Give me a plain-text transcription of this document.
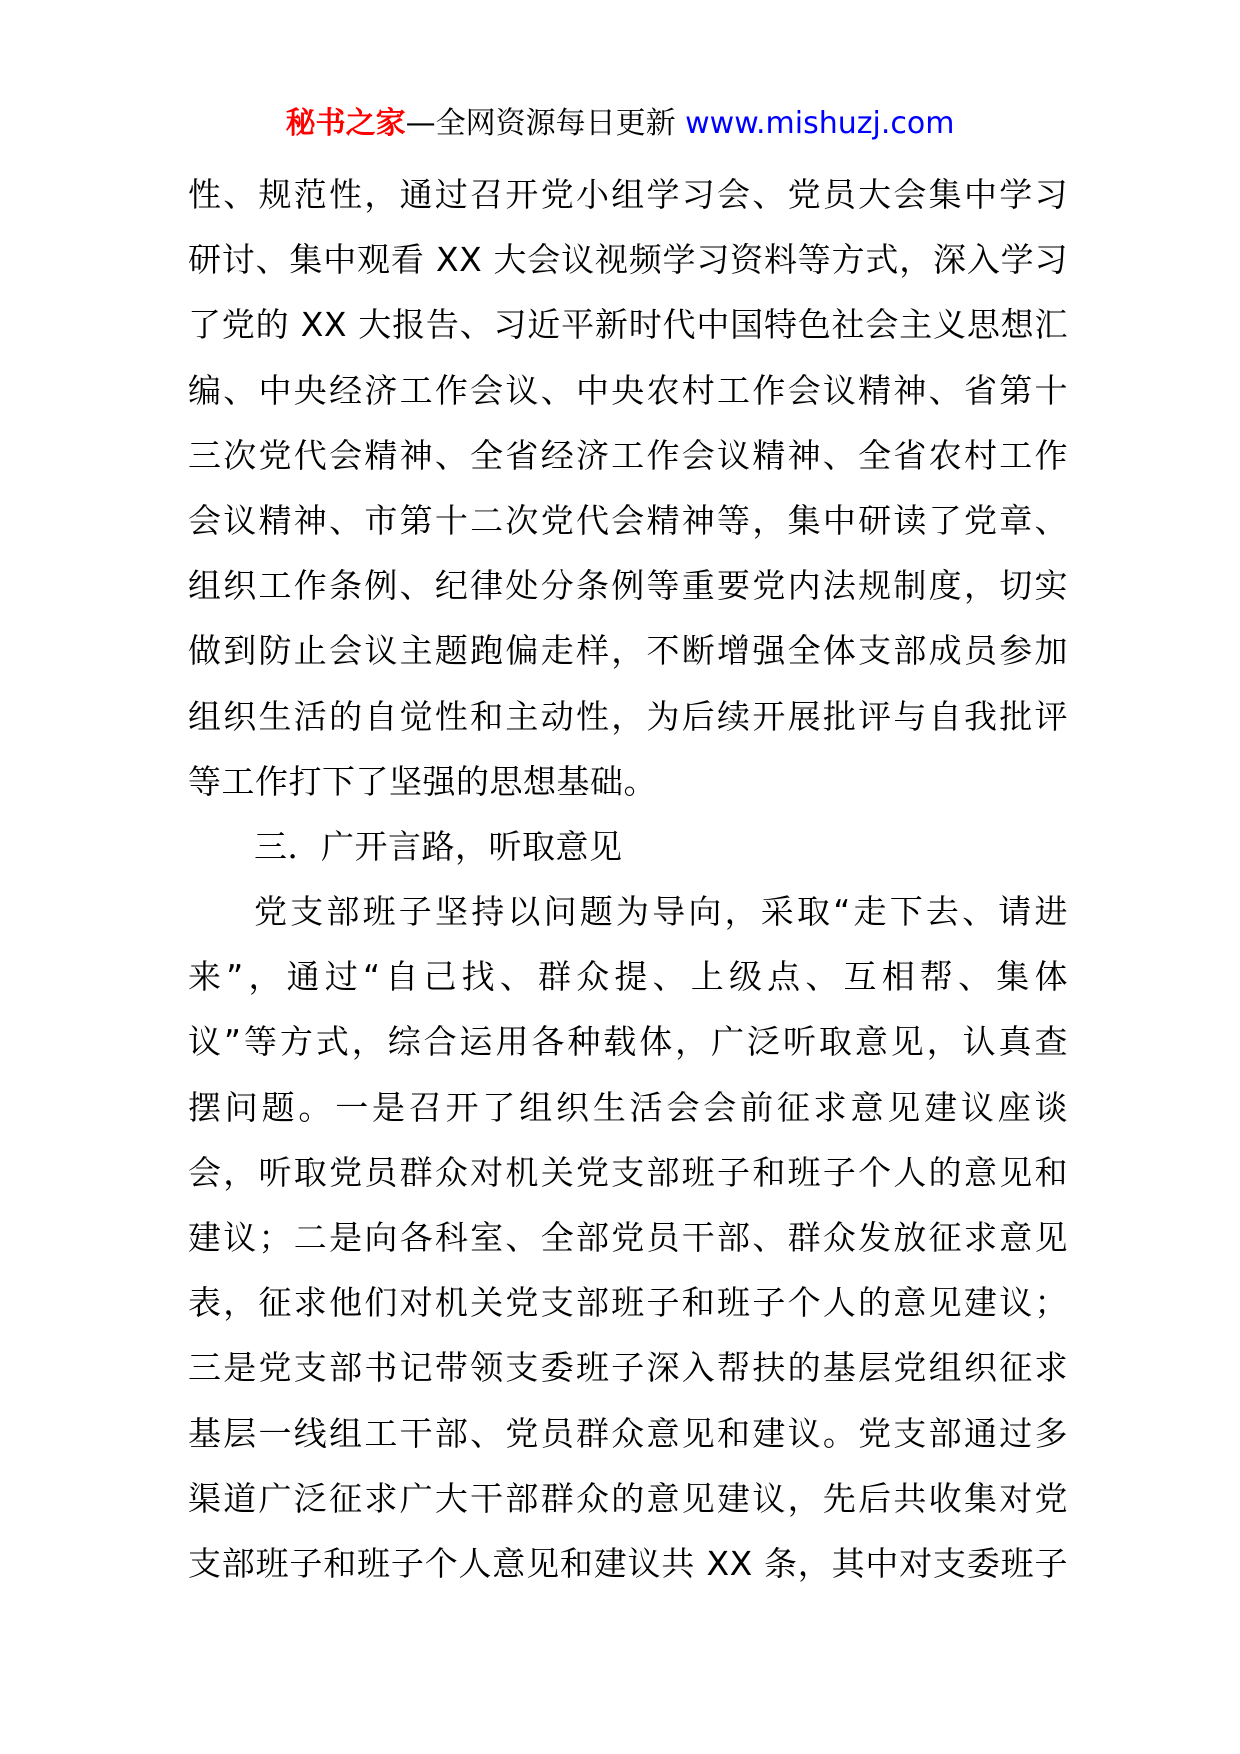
秘书之家—全网资源每日更新 www.mishuzj.com
性、规范性，通过召开党小组学习会、党员大会集中学习
研讨、集中观看 XX 大会议视频学习资料等方式，深入学习
了党的 XX 大报告、习近平新时代中国特色社会主义思想汇
编、中央经济工作会议、中央农村工作会议精神、省第十
三次党代会精神、全省经济工作会议精神、全省农村工作
会议精神、市第十二次党代会精神等，集中研读了党章、
组织工作条例、纪律处分条例等重要党内法规制度，切实
做到防止会议主题跑偏走样，不断增强全体支部成员参加
组织生活的自觉性和主动性，为后续开展批评与自我批评
等工作打下了坚强的思想基础。
三．广开言路，听取意见
党支部班子坚持以问题为导向，采取“走下去、请进
来”，通过“自己找、群众提、上级点、互相帮、集体
议”等方式，综合运用各种载体，广泛听取意见，认真查
摆问题。一是召开了组织生活会会前征求意见建议座谈
会，听取党员群众对机关党支部班子和班子个人的意见和
建议；二是向各科室、全部党员干部、群众发放征求意见
表，征求他们对机关党支部班子和班子个人的意见建议；
三是党支部书记带领支委班子深入帮扶的基层党组织征求
基层一线组工干部、党员群众意见和建议。党支部通过多
渠道广泛征求广大干部群众的意见建议，先后共收集对党
支部班子和班子个人意见和建议共 XX 条，其中对支委班子
